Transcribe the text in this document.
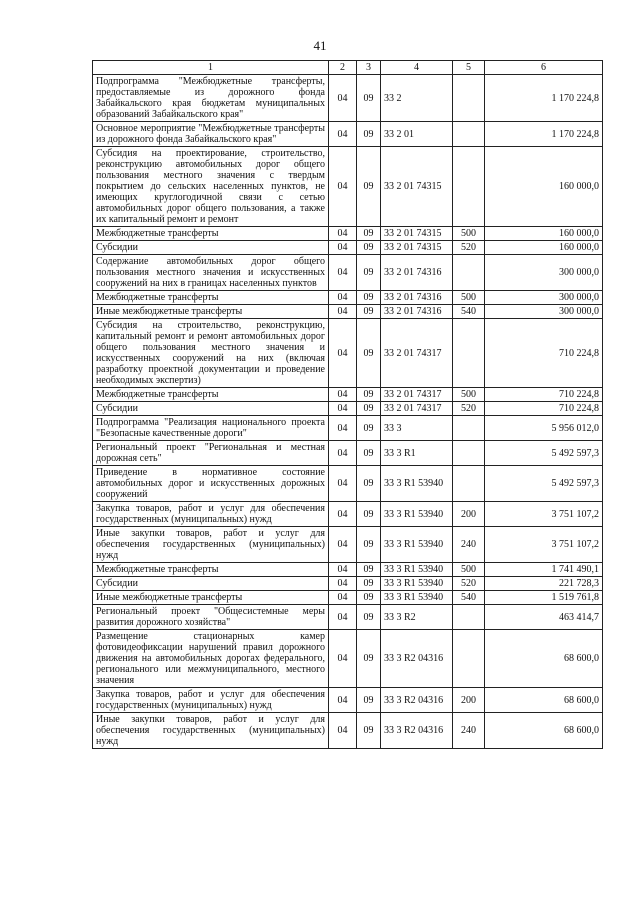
41
1	2	3	4	5	6
Подпрограмма "Межбюджетные трансферты, предоставляемые из дорожного фонда Забайкальского края бюджетам муниципальных образований Забайкальского края"	04	09	33 2		1 170 224,8
Основное мероприятие "Межбюджетные трансферты из дорожного фонда Забайкальского края"	04	09	33 2 01		1 170 224,8
Субсидия на проектирование, строительство, реконструкцию автомобильных дорог общего пользования местного значения с твердым покрытием до сельских населенных пунктов, не имеющих круглогодичной связи с сетью автомобильных дорог общего пользования, а также их капитальный ремонт и ремонт	04	09	33 2 01 74315		160 000,0
Межбюджетные трансферты	04	09	33 2 01 74315	500	160 000,0
Субсидии	04	09	33 2 01 74315	520	160 000,0
Содержание автомобильных дорог общего пользования местного значения и искусственных сооружений на них в границах населенных пунктов	04	09	33 2 01 74316		300 000,0
Межбюджетные трансферты	04	09	33 2 01 74316	500	300 000,0
Иные межбюджетные трансферты	04	09	33 2 01 74316	540	300 000,0
Субсидия на строительство, реконструкцию, капитальный ремонт и ремонт автомобильных дорог общего пользования местного значения и искусственных сооружений на них (включая разработку проектной документации и проведение необходимых экспертиз)	04	09	33 2 01 74317		710 224,8
Межбюджетные трансферты	04	09	33 2 01 74317	500	710 224,8
Субсидии	04	09	33 2 01 74317	520	710 224,8
Подпрограмма "Реализация национального проекта "Безопасные качественные дороги"	04	09	33 3		5 956 012,0
Региональный проект "Региональная и местная дорожная сеть"	04	09	33 3 R1		5 492 597,3
Приведение в нормативное состояние автомобильных дорог и искусственных дорожных сооружений	04	09	33 3 R1 53940		5 492 597,3
Закупка товаров, работ и услуг для обеспечения государственных (муниципальных) нужд	04	09	33 3 R1 53940	200	3 751 107,2
Иные закупки товаров, работ и услуг для обеспечения государственных (муниципальных) нужд	04	09	33 3 R1 53940	240	3 751 107,2
Межбюджетные трансферты	04	09	33 3 R1 53940	500	1 741 490,1
Субсидии	04	09	33 3 R1 53940	520	221 728,3
Иные межбюджетные трансферты	04	09	33 3 R1 53940	540	1 519 761,8
Региональный проект "Общесистемные меры развития дорожного хозяйства"	04	09	33 3 R2		463 414,7
Размещение стационарных камер фотовидеофиксации нарушений правил дорожного движения на автомобильных дорогах федерального, регионального или межмуниципального, местного значения	04	09	33 3 R2 04316		68 600,0
Закупка товаров, работ и услуг для обеспечения государственных (муниципальных) нужд	04	09	33 3 R2 04316	200	68 600,0
Иные закупки товаров, работ и услуг для обеспечения государственных (муниципальных) нужд	04	09	33 3 R2 04316	240	68 600,0
